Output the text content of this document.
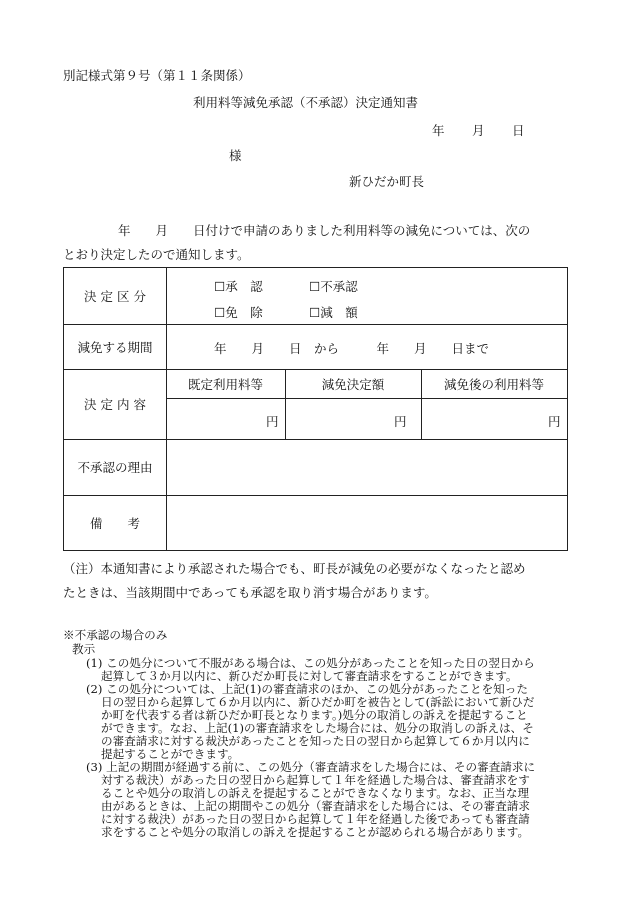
別記様式第９号（第１１条関係）
利用料等減免承認（不承認）決定通知書
年 月 日
様
新ひだか町長
年　　月　　日付けで申請のありました利用料等の減免については、次の
とおり決定したので通知します。
決 定 区 分
☐承　認	☐不承認
☐免　除	☐減　額
減免する期間	年　　月　　日　から　　　年　　月　　日まで
決 定 内 容
既定利用料等	減免決定額	減免後の利用料等
円	円	円
不承認の理由
備　　考
（注）本通知書により承認された場合でも、町長が減免の必要がなくなったと認め
たときは、当該期間中であっても承認を取り消す場合があります。
※不承認の場合のみ
教示
(1) この処分について不服がある場合は、この処分があったことを知った日の翌日から
起算して３か月以内に、新ひだか町長に対して審査請求をすることができます。
(2) この処分については、上記(1)の審査請求のほか、この処分があったことを知った
日の翌日から起算して６か月以内に、新ひだか町を被告として(訴訟において新ひだ
か町を代表する者は新ひだか町長となります。)処分の取消しの訴えを提起すること
ができます。なお、上記(1)の審査請求をした場合には、処分の取消しの訴えは、そ
の審査請求に対する裁決があったことを知った日の翌日から起算して６か月以内に
提起することができます。
(3) 上記の期間が経過する前に、この処分（審査請求をした場合には、その審査請求に
対する裁決）があった日の翌日から起算して１年を経過した場合は、審査請求をす
ることや処分の取消しの訴えを提起することができなくなります。なお、正当な理
由があるときは、上記の期間やこの処分（審査請求をした場合には、その審査請求
に対する裁決）があった日の翌日から起算して１年を経過した後であっても審査請
求をすることや処分の取消しの訴えを提起することが認められる場合があります。
